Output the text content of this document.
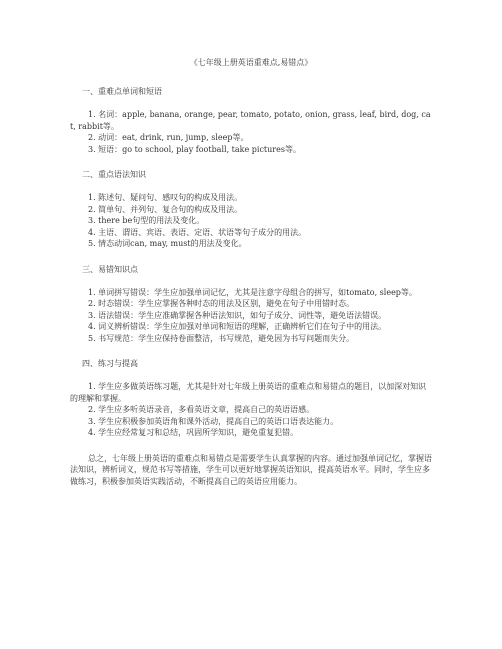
《七年级上册英语重难点,易错点》

一、重难点单词和短语

1. 名词：apple, banana, orange, pear, tomato, potato, onion, grass, leaf, bird, dog, cat, rabbit等。

2. 动词：eat, drink, run, jump, sleep等。

3. 短语：go to school, play football, take pictures等。

二、重点语法知识

1. 陈述句、疑问句、感叹句的构成及用法。

2. 简单句、并列句、复合句的构成及用法。

3. there be句型的用法及变化。

4. 主语、谓语、宾语、表语、定语、状语等句子成分的用法。

5. 情态动词can, may, must的用法及变化。

三、易错知识点

1. 单词拼写错误：学生应加强单词记忆，尤其是注意字母组合的拼写，如tomato, sleep等。

2. 时态错误：学生应掌握各种时态的用法及区别，避免在句子中用错时态。

3. 语法错误：学生应准确掌握各种语法知识，如句子成分、词性等，避免语法错误。

4. 词义辨析错误：学生应加强对单词和短语的理解，正确辨析它们在句子中的用法。

5. 书写规范：学生应保持卷面整洁，书写规范，避免因为书写问题而失分。

四、练习与提高

1. 学生应多做英语练习题，尤其是针对七年级上册英语的重难点和易错点的题目，以加深对知识的理解和掌握。

2. 学生应多听英语录音，多看英语文章，提高自己的英语语感。

3. 学生应积极参加英语角和课外活动，提高自己的英语口语表达能力。

4. 学生应经常复习和总结，巩固所学知识，避免重复犯错。

总之，七年级上册英语的重难点和易错点是需要学生认真掌握的内容。通过加强单词记忆，掌握语法知识，辨析词义，规范书写等措施，学生可以更好地掌握英语知识，提高英语水平。同时，学生应多做练习，积极参加英语实践活动，不断提高自己的英语应用能力。
